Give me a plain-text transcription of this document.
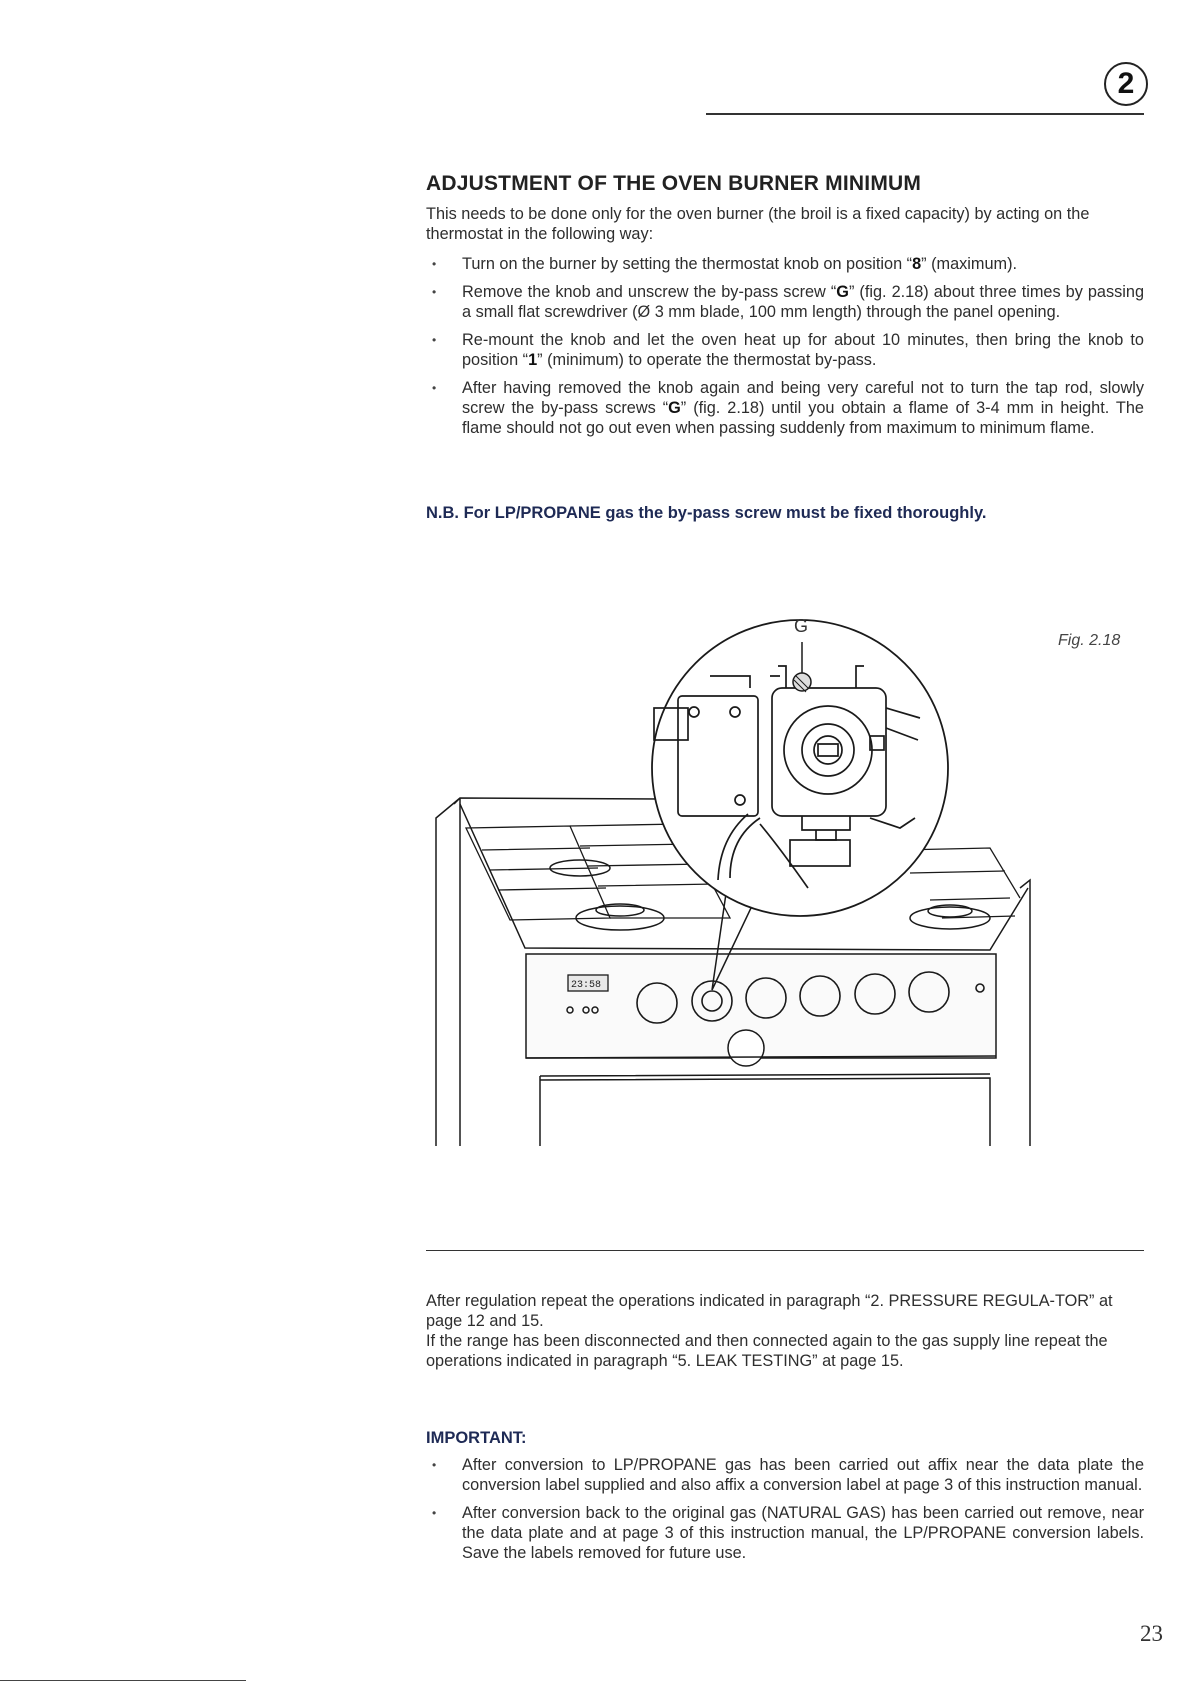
2
ADJUSTMENT OF THE OVEN BURNER MINIMUM
This needs to be done only for the oven burner (the broil is a fixed capacity) by acting on the thermostat in the following way:
• Turn on the burner by setting the thermostat knob on position “8” (maximum).
• Remove the knob and unscrew the by-pass screw “G” (fig. 2.18) about three times by passing a small flat screwdriver (Ø 3 mm blade, 100 mm length) through the panel opening.
• Re-mount the knob and let the oven heat up for about 10 minutes, then bring the knob to position “1” (minimum) to operate the thermostat by-pass.
• After having removed the knob again and being very careful not to turn the tap rod, slowly screw the by-pass screws “G” (fig. 2.18) until you obtain a flame of 3-4 mm in height. The flame should not go out even when passing suddenly from maximum to minimum flame.
N.B. For LP/PROPANE gas the by-pass screw must be fixed thoroughly.
Fig. 2.18
23:58
G
After regulation repeat the operations indicated in paragraph “2. PRESSURE REGULA-TOR” at page 12 and 15.
If the range has been disconnected and then connected again to the gas supply line repeat the operations indicated in paragraph “5. LEAK TESTING” at page 15.
IMPORTANT:
• After conversion to LP/PROPANE gas has been carried out affix near the data plate the conversion label supplied and also affix a conversion label at page 3 of this instruction manual.
• After conversion back to the original gas (NATURAL GAS) has been carried out remove, near the data plate and at page 3 of this instruction manual, the LP/PROPANE conversion labels. Save the labels removed for future use.
23
